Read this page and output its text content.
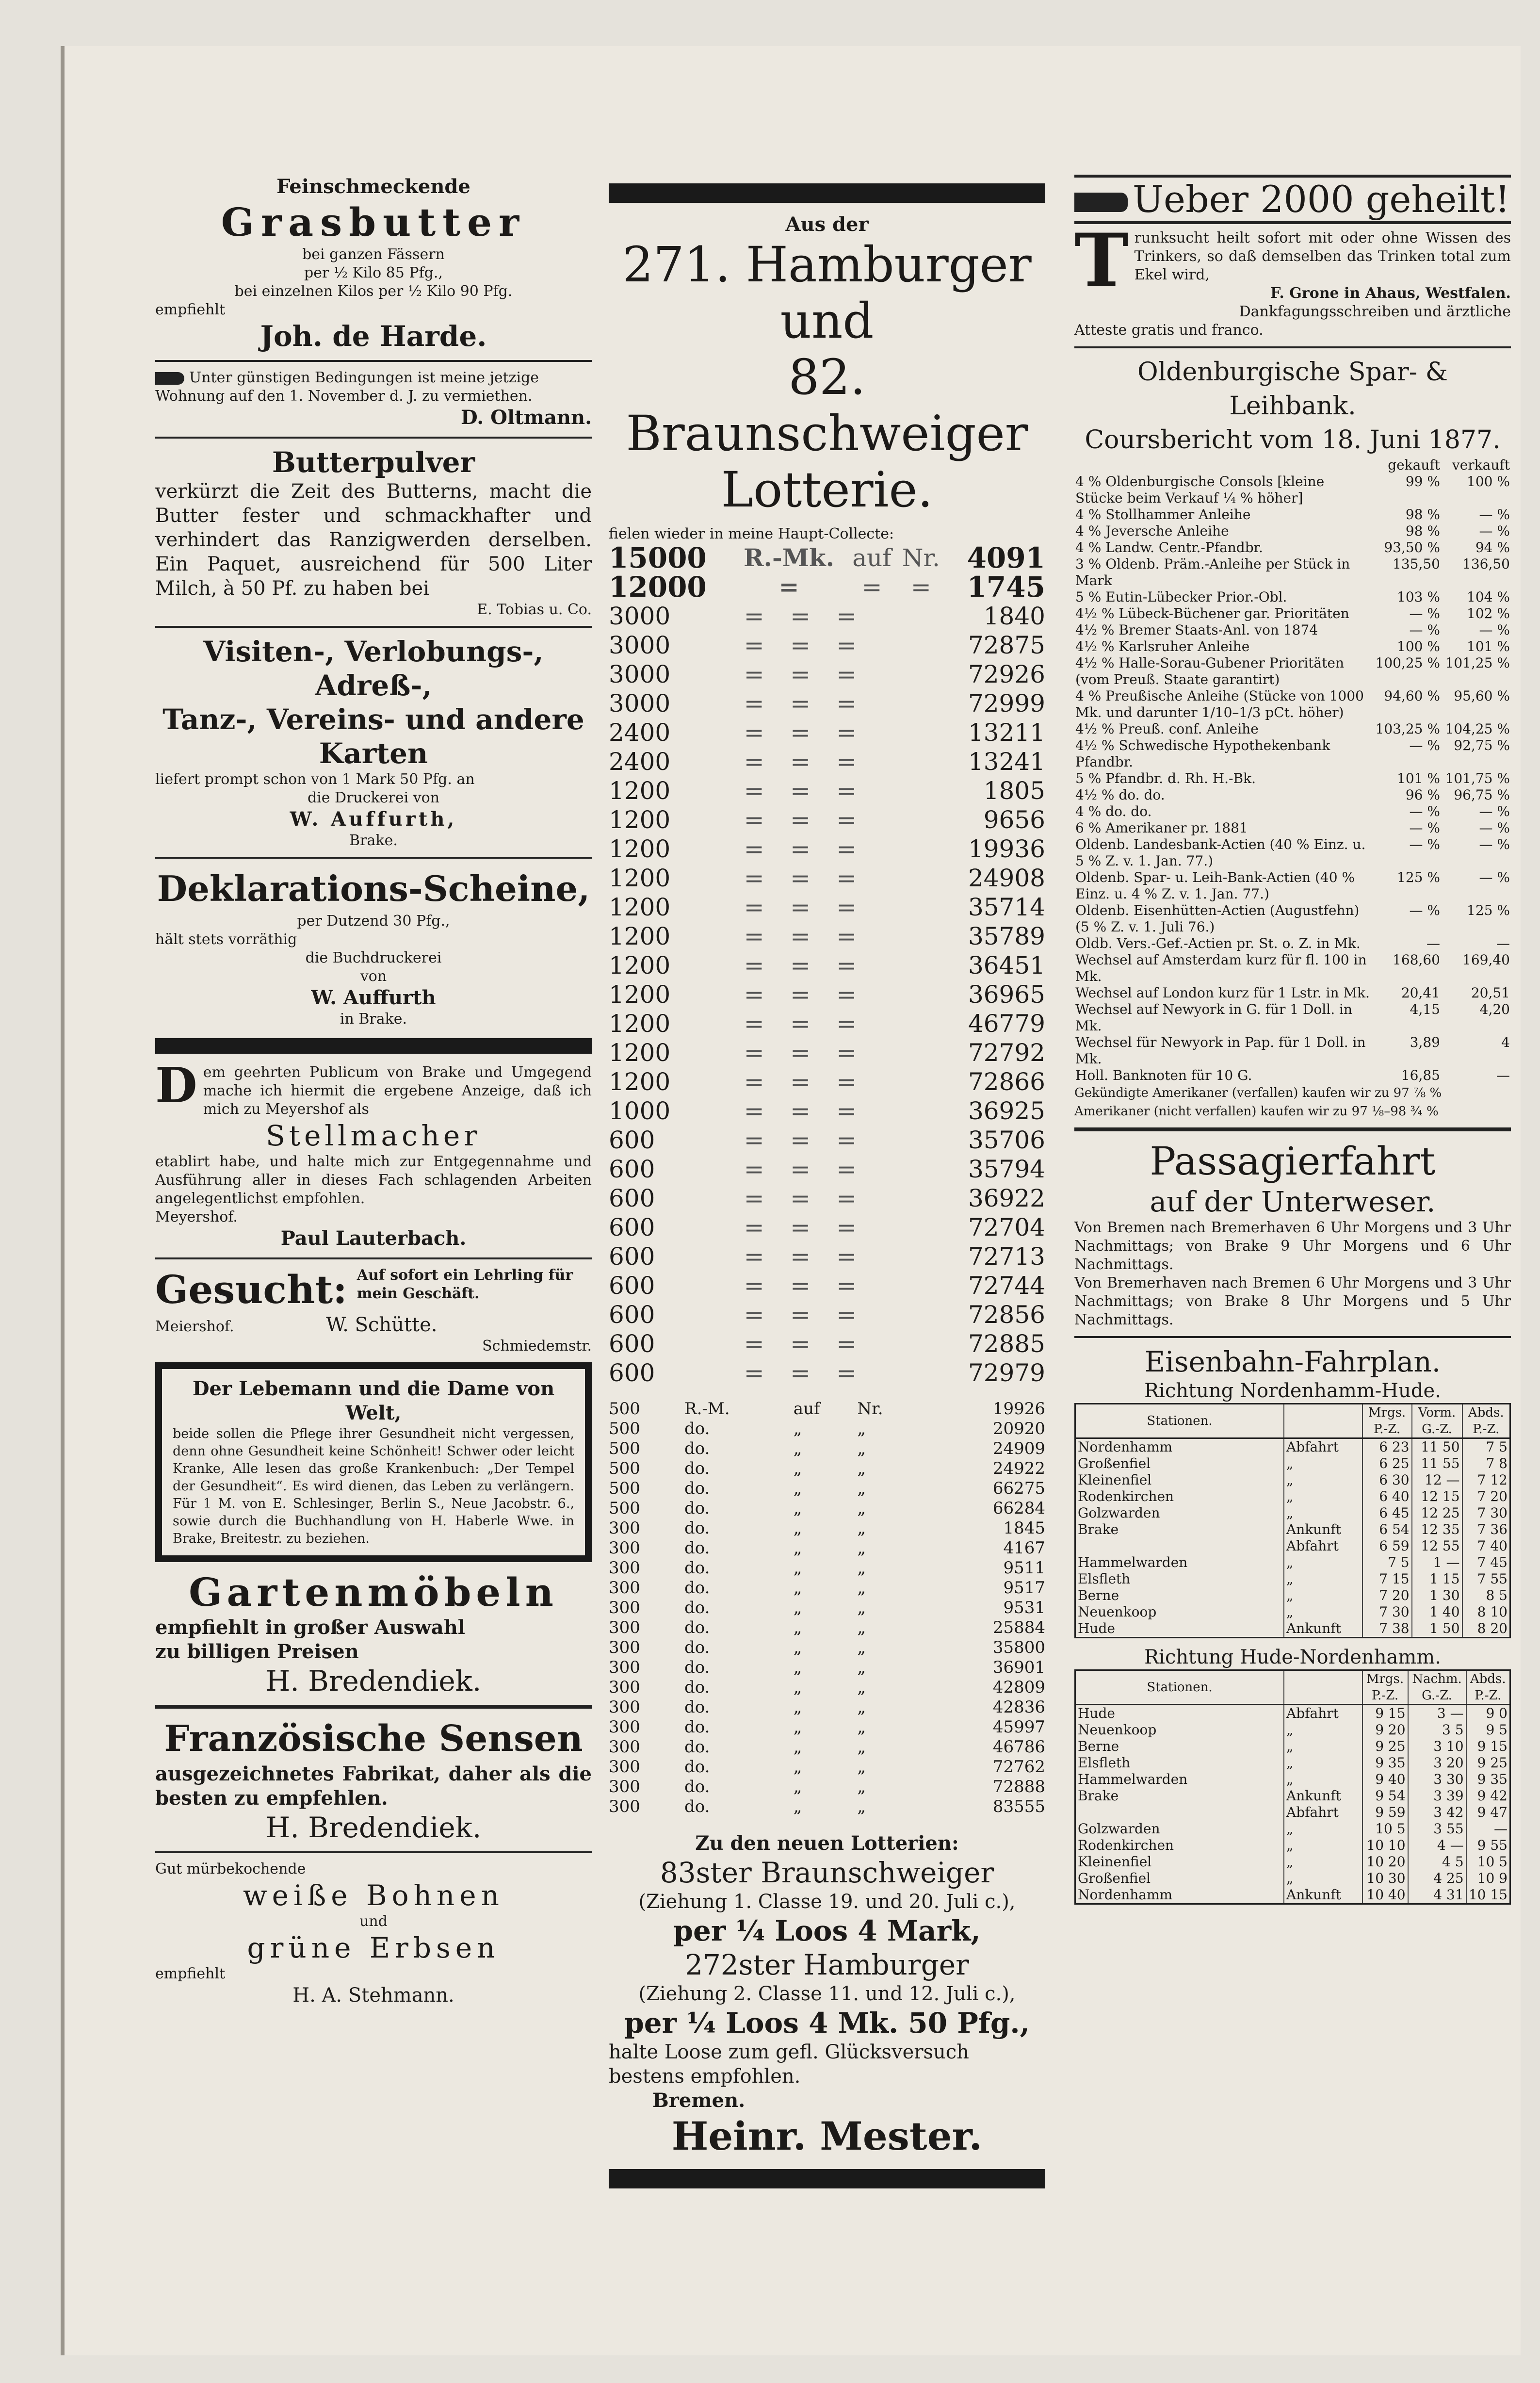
Feinschmeckende

Grasbutter

bei ganzen Fässern

per ½ Kilo 85 Pfg.,

bei einzelnen Kilos per ½ Kilo 90 Pfg.

empfiehlt

Joh. de Harde.

Unter günstigen Bedingungen ist meine jetzige Wohnung auf den 1. November d. J. zu vermiethen.

D. Oltmann.

Butterpulver

verkürzt die Zeit des Butterns, macht die Butter fester und schmackhafter und verhindert das Ranzigwerden derselben. Ein Paquet, ausreichend für 500 Liter Milch, à 50 Pf. zu haben bei

E. Tobias u. Co.

Visiten-, Verlobungs-, Adreß-,

Tanz-, Vereins- und andere

Karten

liefert prompt schon von 1 Mark 50 Pfg. an

die Druckerei von

W. Auffurth,

Brake.

Deklarations-Scheine,

per Dutzend 30 Pfg.,

hält stets vorräthig

die Buchdruckerei

von

W. Auffurth

in Brake.

Dem geehrten Publicum von Brake und Umgegend mache ich hiermit die ergebene Anzeige, daß ich mich zu Meyershof als

Stellmacher

etablirt habe, und halte mich zur Entgegennahme und Ausführung aller in dieses Fach schlagenden Arbeiten angelegentlichst empfohlen.

Meyershof.

Paul Lauterbach.

Gesucht: Auf sofort ein Lehrling für mein Geschäft.

Meiershof.	W. Schütte.

Schmiedemstr.

Der Lebemann und die Dame von Welt,

beide sollen die Pflege ihrer Gesundheit nicht vergessen, denn ohne Gesundheit keine Schönheit! Schwer oder leicht Kranke, Alle lesen das große Krankenbuch: „Der Tempel der Gesundheit“. Es wird dienen, das Leben zu verlängern. Für 1 M. von E. Schlesinger, Berlin S., Neue Jacobstr. 6., sowie durch die Buchhandlung von H. Haberle Wwe. in Brake, Breitestr. zu beziehen.

Gartenmöbeln

empfiehlt in großer Auswahl

zu billigen Preisen

H. Bredendiek.

Französische Sensen

ausgezeichnetes Fabrikat, daher als die besten zu empfehlen.

H. Bredendiek.

Gut mürbekochende

weiße Bohnen

und

grüne Erbsen

empfiehlt

H. A. Stehmann.

Aus der

271. Hamburger und

82. Braunschweiger

Lotterie.

fielen wieder in meine Haupt-Collecte:

15000	R.-Mk.	auf	Nr.	4091
12000	=	=	=	1745
3000	=	=	=	1840
3000	=	=	=	72875
3000	=	=	=	72926
3000	=	=	=	72999
2400	=	=	=	13211
2400	=	=	=	13241
1200	=	=	=	1805
1200	=	=	=	9656
1200	=	=	=	19936
1200	=	=	=	24908
1200	=	=	=	35714
1200	=	=	=	35789
1200	=	=	=	36451
1200	=	=	=	36965
1200	=	=	=	46779
1200	=	=	=	72792
1200	=	=	=	72866
1000	=	=	=	36925
600	=	=	=	35706
600	=	=	=	35794
600	=	=	=	36922
600	=	=	=	72704
600	=	=	=	72713
600	=	=	=	72744
600	=	=	=	72856
600	=	=	=	72885
600	=	=	=	72979
500	R.-M.	auf	Nr.	19926
500	do.	„	„	20920
500	do.	„	„	24909
500	do.	„	„	24922
500	do.	„	„	66275
500	do.	„	„	66284
300	do.	„	„	1845
300	do.	„	„	4167
300	do.	„	„	9511
300	do.	„	„	9517
300	do.	„	„	9531
300	do.	„	„	25884
300	do.	„	„	35800
300	do.	„	„	36901
300	do.	„	„	42809
300	do.	„	„	42836
300	do.	„	„	45997
300	do.	„	„	46786
300	do.	„	„	72762
300	do.	„	„	72888
300	do.	„	„	83555

Zu den neuen Lotterien:

83ster Braunschweiger

(Ziehung 1. Classe 19. und 20. Juli c.),

per ¼ Loos 4 Mark,

272ster Hamburger

(Ziehung 2. Classe 11. und 12. Juli c.),

per ¼ Loos 4 Mk. 50 Pfg.,

halte Loose zum gefl. Glücksversuch bestens empfohlen.

Bremen.

Heinr. Mester.

Ueber 2000 geheilt!

Trunksucht heilt sofort mit oder ohne Wissen des Trinkers, so daß demselben das Trinken total zum Ekel wird,

F. Grone in Ahaus, Westfalen.

Dankfagungsschreiben und ärztliche

Atteste gratis und franco.

Oldenburgische Spar- & Leihbank.

Coursbericht vom 18. Juni 1877.

	gekauft	verkauft
4 % Oldenburgische Consols [kleine Stücke beim Verkauf ¼ % höher]	99 %	100 %
4 % Stollhammer Anleihe	98 %	— %
4 % Jeversche Anleihe	98 %	— %
4 % Landw. Centr.-Pfandbr.	93,50 %	94 %
3 % Oldenb. Präm.-Anleihe per Stück in Mark	135,50	136,50
5 % Eutin-Lübecker Prior.-Obl.	103 %	104 %
4½ % Lübeck-Büchener gar. Prioritäten	— %	102 %
4½ % Bremer Staats-Anl. von 1874	— %	— %
4½ % Karlsruher Anleihe	100 %	101 %
4½ % Halle-Sorau-Gubener Prioritäten (vom Preuß. Staate garantirt)	100,25 %	101,25 %
4 % Preußische Anleihe (Stücke von 1000 Mk. und darunter 1/10–1/3 pCt. höher)	94,60 %	95,60 %
4½ % Preuß. conf. Anleihe	103,25 %	104,25 %
4½ % Schwedische Hypothekenbank Pfandbr.	— %	92,75 %
5 % Pfandbr. d. Rh. H.-Bk.	101 %	101,75 %
4½ % do. do.	96 %	96,75 %
4 % do. do.	— %	— %
6 % Amerikaner pr. 1881	— %	— %
Oldenb. Landesbank-Actien (40 % Einz. u. 5 % Z. v. 1. Jan. 77.)	— %	— %
Oldenb. Spar- u. Leih-Bank-Actien (40 % Einz. u. 4 % Z. v. 1. Jan. 77.)	125 %	— %
Oldenb. Eisenhütten-Actien (Augustfehn) (5 % Z. v. 1. Juli 76.)	— %	125 %
Oldb. Vers.-Gef.-Actien pr. St. o. Z. in Mk.	—	—
Wechsel auf Amsterdam kurz für fl. 100 in Mk.	168,60	169,40
Wechsel auf London kurz für 1 Lstr. in Mk.	20,41	20,51
Wechsel auf Newyork in G. für 1 Doll. in Mk.	4,15	4,20
Wechsel für Newyork in Pap. für 1 Doll. in Mk.	3,89	4
Holl. Banknoten für 10 G.	16,85	—

Gekündigte Amerikaner (verfallen) kaufen wir zu 97 ⅞ %

Amerikaner (nicht verfallen) kaufen wir zu 97 ⅛–98 ¾ %

Passagierfahrt

auf der Unterweser.

Von Bremen nach Bremerhaven 6 Uhr Morgens und 3 Uhr Nachmittags; von Brake 9 Uhr Morgens und 6 Uhr Nachmittags.

Von Bremerhaven nach Bremen 6 Uhr Morgens und 3 Uhr Nachmittags; von Brake 8 Uhr Morgens und 5 Uhr Nachmittags.

Eisenbahn-Fahrplan.

Richtung Nordenhamm-Hude.

Stationen.		Mrgs. P.-Z.	Vorm. G.-Z.	Abds. P.-Z.
Nordenhamm	Abfahrt	6 23	11 50	7 5
Großenfiel	„	6 25	11 55	7 8
Kleinenfiel	„	6 30	12 —	7 12
Rodenkirchen	„	6 40	12 15	7 20
Golzwarden	„	6 45	12 25	7 30
Brake	Ankunft	6 54	12 35	7 36
	Abfahrt	6 59	12 55	7 40
Hammelwarden	„	7 5	1 —	7 45
Elsfleth	„	7 15	1 15	7 55
Berne	„	7 20	1 30	8 5
Neuenkoop	„	7 30	1 40	8 10
Hude	Ankunft	7 38	1 50	8 20

Richtung Hude-Nordenhamm.

Stationen.		Mrgs. P.-Z.	Nachm. G.-Z.	Abds. P.-Z.
Hude	Abfahrt	9 15	3 —	9 0
Neuenkoop	„	9 20	3 5	9 5
Berne	„	9 25	3 10	9 15
Elsfleth	„	9 35	3 20	9 25
Hammelwarden	„	9 40	3 30	9 35
Brake	Ankunft	9 54	3 39	9 42
	Abfahrt	9 59	3 42	9 47
Golzwarden	„	10 5	3 55	—
Rodenkirchen	„	10 10	4 —	9 55
Kleinenfiel	„	10 20	4 5	10 5
Großenfiel	„	10 30	4 25	10 9
Nordenhamm	Ankunft	10 40	4 31	10 15
